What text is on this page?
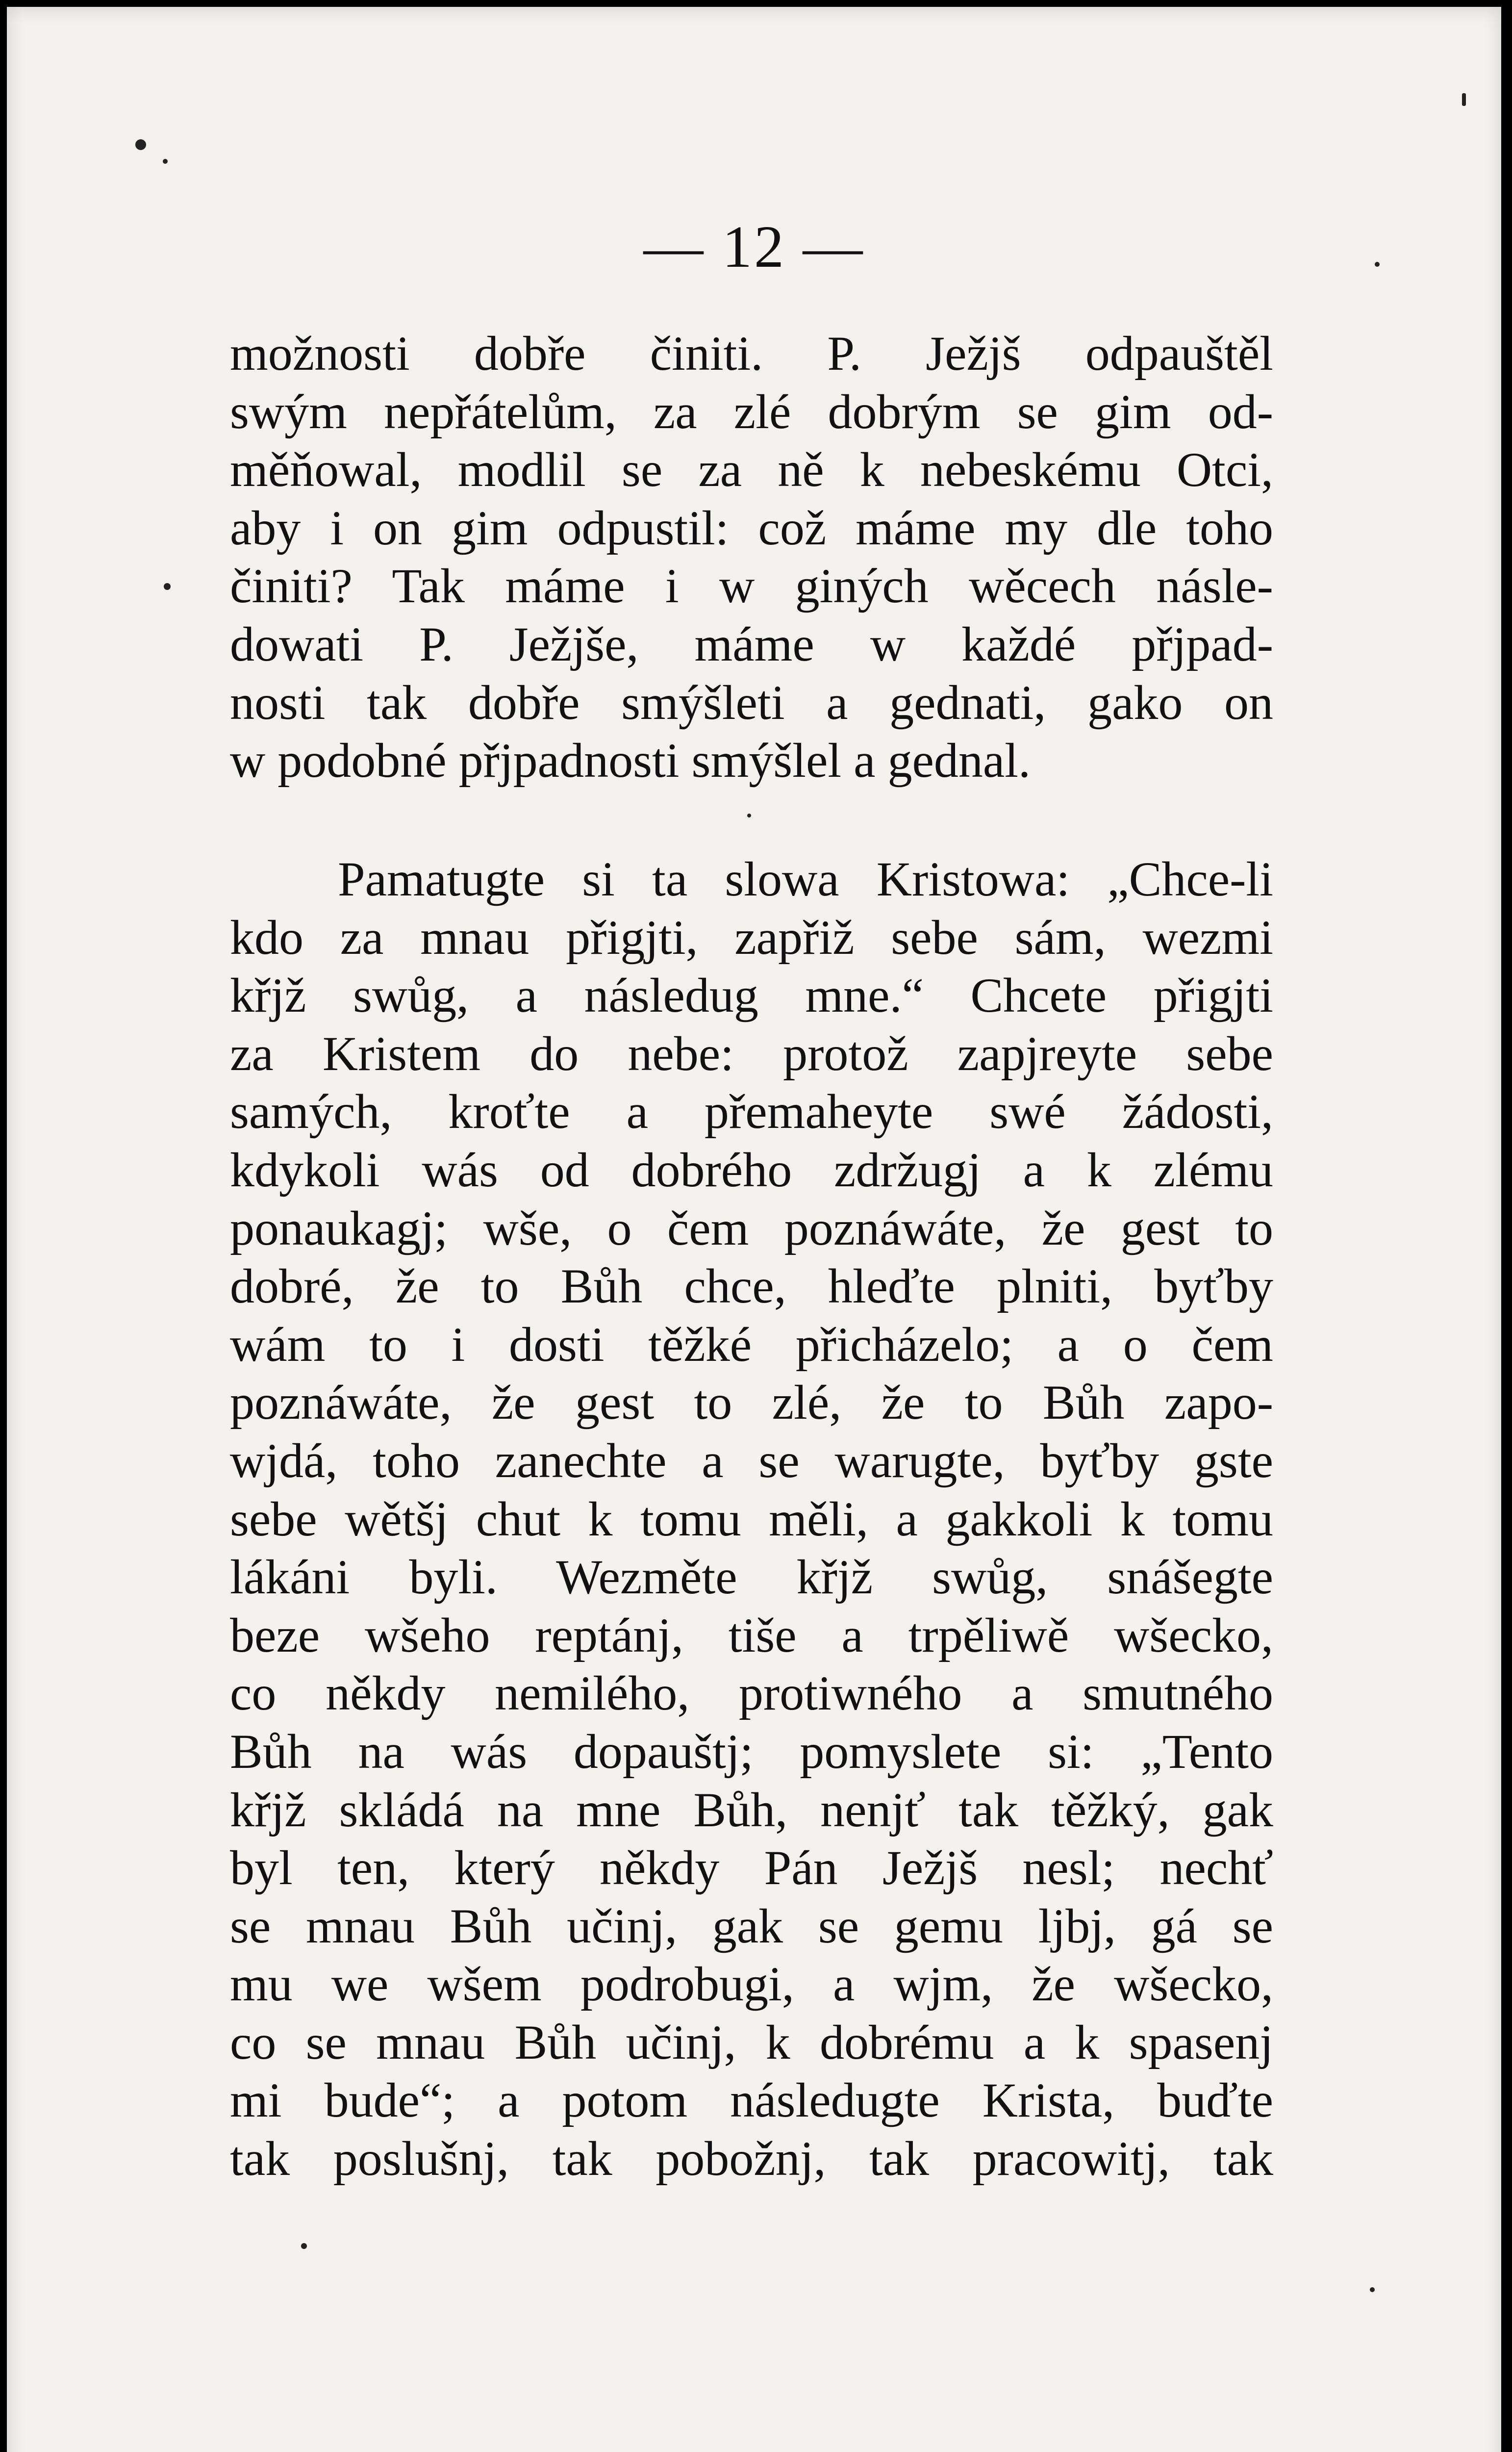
— 12 —
možnosti dobře činiti. P. Ježjš odpauštěl
swým nepřátelům, za zlé dobrým se gim od-
měňowal, modlil se za ně k nebeskému Otci,
aby i on gim odpustil: což máme my dle toho
činiti? Tak máme i w giných wěcech násle-
dowati P. Ježjše, máme w každé přjpad-
nosti tak dobře smýšleti a gednati, gako on
w podobné přjpadnosti smýšlel a gednal.
Pamatugte si ta slowa Kristowa: „Chce-li
kdo za mnau přigjti, zapřiž sebe sám, wezmi
křjž swůg, a následug mne.“ Chcete přigjti
za Kristem do nebe: protož zapjreyte sebe
samých, kroťte a přemaheyte swé žádosti,
kdykoli wás od dobrého zdržugj a k zlému
ponaukagj; wše, o čem poznáwáte, že gest to
dobré, že to Bůh chce, hleďte plniti, byťby
wám to i dosti těžké přicházelo; a o čem
poznáwáte, že gest to zlé, že to Bůh zapo-
wjdá, toho zanechte a se warugte, byťby gste
sebe wětšj chut k tomu měli, a gakkoli k tomu
lákáni byli. Wezměte křjž swůg, snášegte
beze wšeho reptánj, tiše a trpěliwě wšecko,
co někdy nemilého, protiwného a smutného
Bůh na wás dopauštj; pomyslete si: „Tento
křjž skládá na mne Bůh, nenjť tak těžký, gak
byl ten, který někdy Pán Ježjš nesl; nechť
se mnau Bůh učinj, gak se gemu ljbj, gá se
mu we wšem podrobugi, a wjm, že wšecko,
co se mnau Bůh učinj, k dobrému a k spasenj
mi bude“; a potom následugte Krista, buďte
tak poslušnj, tak pobožnj, tak pracowitj, tak
